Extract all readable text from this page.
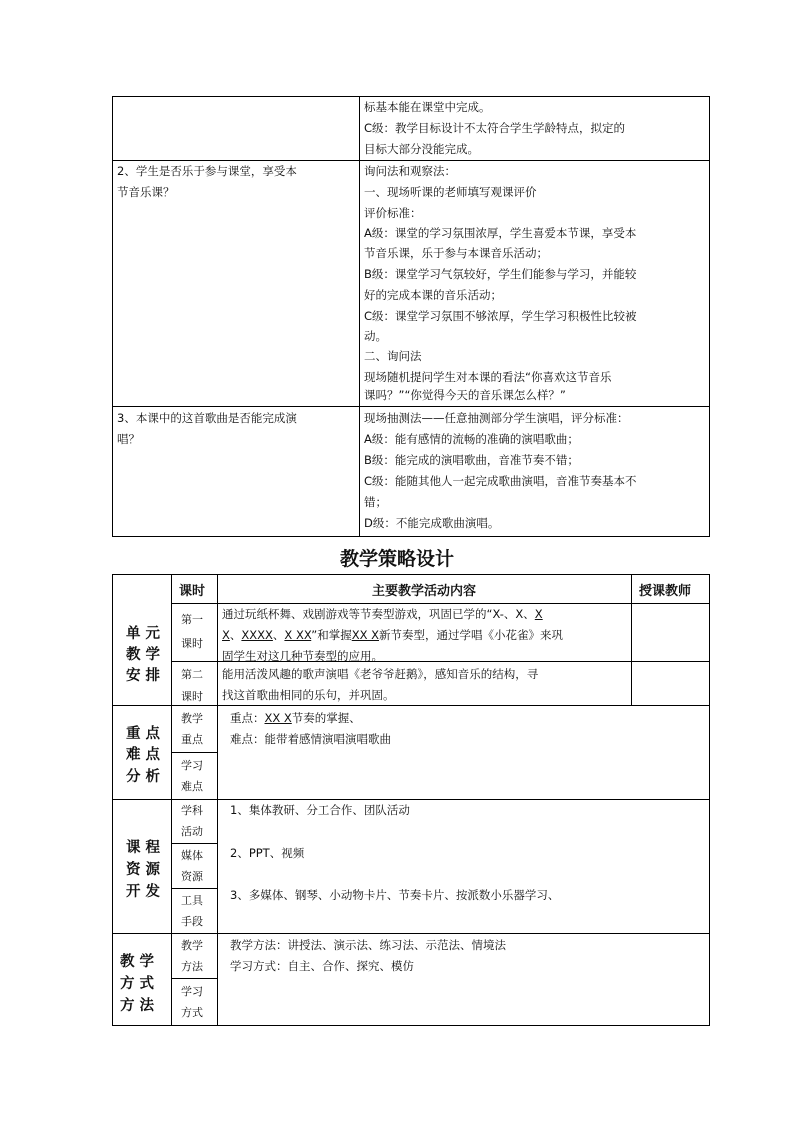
标基本能在课堂中完成。
C级：教学目标设计不太符合学生学龄特点，拟定的
目标大部分没能完成。
2、学生是否乐于参与课堂，享受本
节音乐课？
询问法和观察法：
一、现场听课的老师填写观课评价
评价标准：
A级：课堂的学习氛围浓厚，学生喜爱本节课，享受本
节音乐课，乐于参与本课音乐活动；
B级：课堂学习气氛较好，学生们能参与学习，并能较
好的完成本课的音乐活动；
C级：课堂学习氛围不够浓厚，学生学习积极性比较被
动。
二、询问法
现场随机提问学生对本课的看法“你喜欢这节音乐
课吗？”“你觉得今天的音乐课怎么样？”
3、本课中的这首歌曲是否能完成演
唱？
现场抽测法——任意抽测部分学生演唱，评分标准：
A级：能有感情的流畅的准确的演唱歌曲；
B级：能完成的演唱歌曲，音准节奏不错；
C级：能随其他人一起完成歌曲演唱，音准节奏基本不
错；
D级：不能完成歌曲演唱。
教学策略设计
课时	主要教学活动内容	授课教师
单 元
教 学
安 排
第一
课时
通过玩纸杯舞、戏剧游戏等节奏型游戏，巩固已学的“X-、X、X
X、XXXX、X XX”和掌握XX X新节奏型，通过学唱《小花雀》来巩
固学生对这几种节奏型的应用。
第二
课时
能用活泼风趣的歌声演唱《老爷爷赶鹅》，感知音乐的结构，寻
找这首歌曲相同的乐句，并巩固。
重 点
难 点
分 析
教学
重点
学习
难点
重点：XX X节奏的掌握、
难点：能带着感情演唱演唱歌曲
课 程
资 源
开 发
学科
活动
媒体
资源
工具
手段
1、集体教研、分工合作、团队活动
2、PPT、视频
3、多媒体、钢琴、小动物卡片、节奏卡片、按派数小乐器学习、
教 学
方 式
方 法
教学
方法
学习
方式
教学方法：讲授法、演示法、练习法、示范法、情境法
学习方式：自主、合作、探究、模仿
